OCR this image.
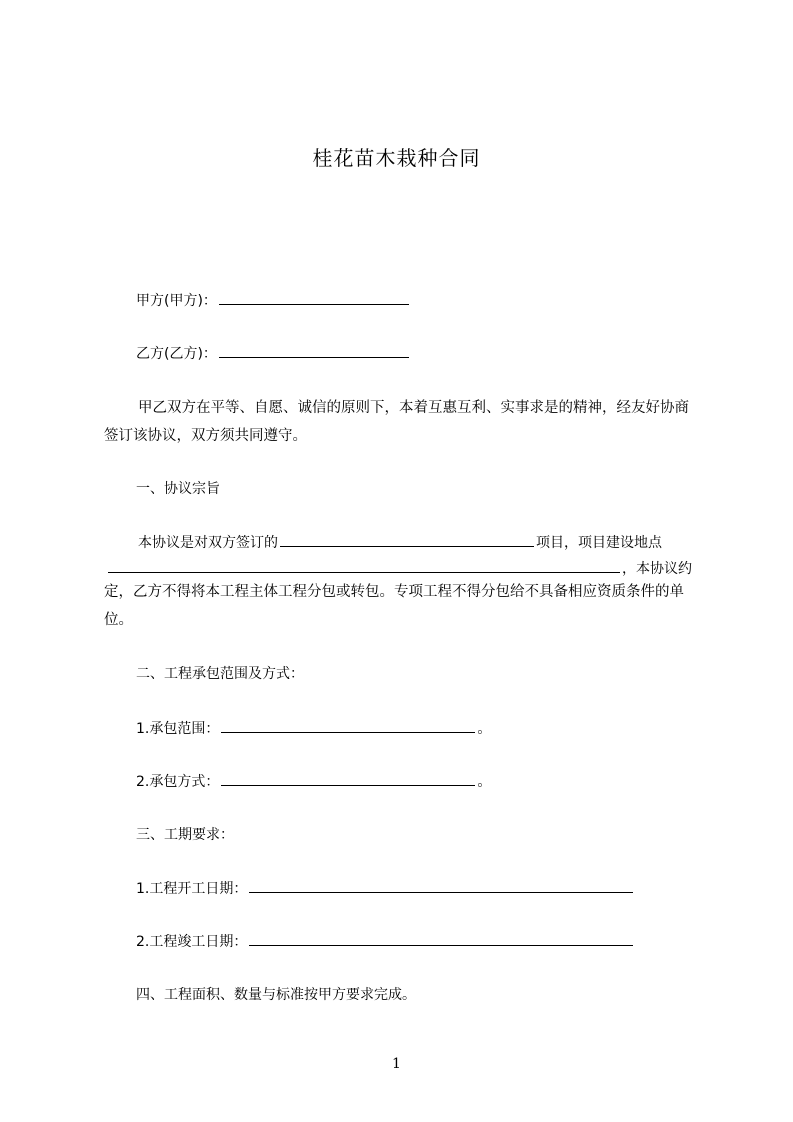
桂花苗木栽种合同
甲方(甲方)：
乙方(乙方)：
甲乙双方在平等、自愿、诚信的原则下，本着互惠互利、实事求是的精神，经友好协商签订该协议，双方须共同遵守。
一、协议宗旨
本协议是对双方签订的	项目，项目建设地点
，本协议约
定，乙方不得将本工程主体工程分包或转包。专项工程不得分包给不具备相应资质条件的单位。
二、工程承包范围及方式：
1.承包范围：	。
2.承包方式：	。
三、工期要求：
1.工程开工日期：
2.工程竣工日期：
四、工程面积、数量与标准按甲方要求完成。
1
